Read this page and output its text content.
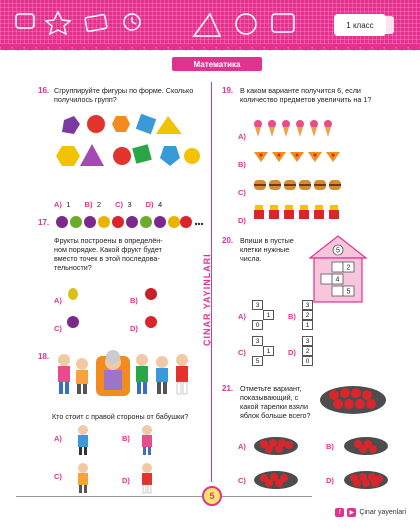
1 класс
Математика
ÇINAR YAYINLARI
16. Сгруппируйте фигуры по форме. Сколько получилось групп?
A) 1 B) 2 C) 3 D) 4
17.
Фрукты построены в определён-ном порядке. Какой фрукт будет вместо точек в этой последова-тельности?
A)	B)
C)	D)
18.
Кто стоит с правой стороны от бабушки?
A)	B)
C)	D)
19. В каком варианте получится 6, если количество предметов увеличить на 1?
A)
B)
C)
D)
20. Впиши в пустые клетки нужные числа.
5
2
4
5
A)
3
1
0
B)
3
2
1
C)
3
1
5
D)
3
2
0
21. Отметьте вариант, показывающий, с какой тарелки взяли яблок больше всего?
A)	B)
C)	D)
5
f	▶ Çinar yayenlari
